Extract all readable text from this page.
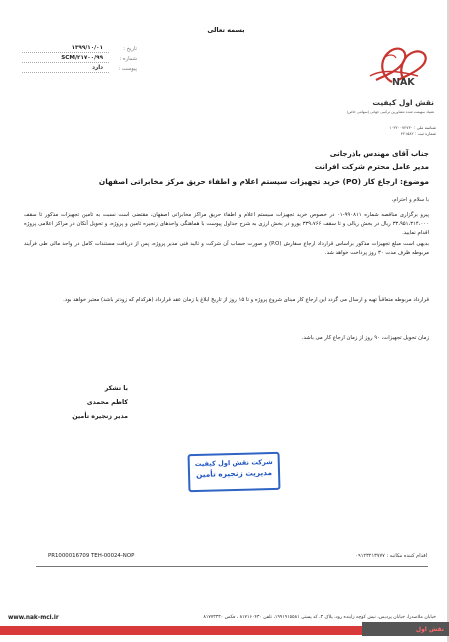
بسمه تعالی
تاریخ :
۱۳۹۹/۱۰/۰۱
شماره :
۹۹/SCM/۲۱۷۰۰
پیوست :
دارد
NAK
نقش اول کیفیت
(همیاد سهیمت شده مشاورین ترکیبی جهانی (سهامی خاص
شناسه ملی : ۱۰۳۲۰۰۷۲۷۳۰
شماره ثبت : ۴۲۱۵۸۲
جناب آقای مهندس باذرجانی
مدیر عامل محترم شرکت افرانت
موضوع: ارجاع کار (PO) خرید تجهیزات سیستم اعلام و اطفاء حریق مرکز مخابراتی اصفهان
با سلام و احترام،
پیرو برگزاری مناقصه شماره ۹۹۰۸۱۱-۰۱ در خصوص خرید تجهیزات سیستم اعلام و اطفاء حریق مراکز مخابراتی اصفهان، مقتضی است نسبت به تامین تجهیزات مذکور تا سقف ۳۳،۹۵۱،۳۱۴،۰۰۰ ریال در بخش ریالی و تا سقف ۳۳۹،۷۶۶ یورو در بخش ارزی به شرح جداول پیوست با هماهنگی واحدهای زنجیره تامین و پروژه، و تحویل آنکان در مراکز اعلامی پروژه اقدام نمایید.
بدیهی است مبلغ تجهیزات مذکور براساس قرارداد ارجاع سفارش (P.O) و صورت حساب آن شرکت و تائید فنی مدیر پروژه، پس از دریافت مستندات کامل در واحد مالی طی فرآیند مربوطه ظرف مدت ۳۰ روز پرداخت خواهد شد.
قرارداد مربوطه متعاقباً تهیه و ارسال می گردد این ارجاع کار مبنای شروع پروژه و تا ۱۵ روز از تاریخ ابلاغ یا زمان عقد قرارداد (هرکدام که زودتر باشد) معتبر خواهد بود.
زمان تحویل تجهیزات، ۹۰ روز از زمان ارجاع کار می باشد.
با تشکر
کاظم محمدی
مدیر زنجیره تأمین
شرکت نقش اول کیفیت
مدیریت زنجیره تأمین
PR1000016709 TEH-00024-NOP	اقدام کننده مکاتبه : ۰۹۱۲۳۲۱۳۷۷۷
www.nak-mci.ir	خیابان ملاصدرا، خیابان پردیس، نبش کوچه زاینده رود، پلاک ۳، کد پستی ۱۹۹۱۹۱۵۵۸۱، تلفن ۸۱۷۱۶۰۴۳۰ ، فکس ۸۱۷۷۳۳۳۰
نقش اول
